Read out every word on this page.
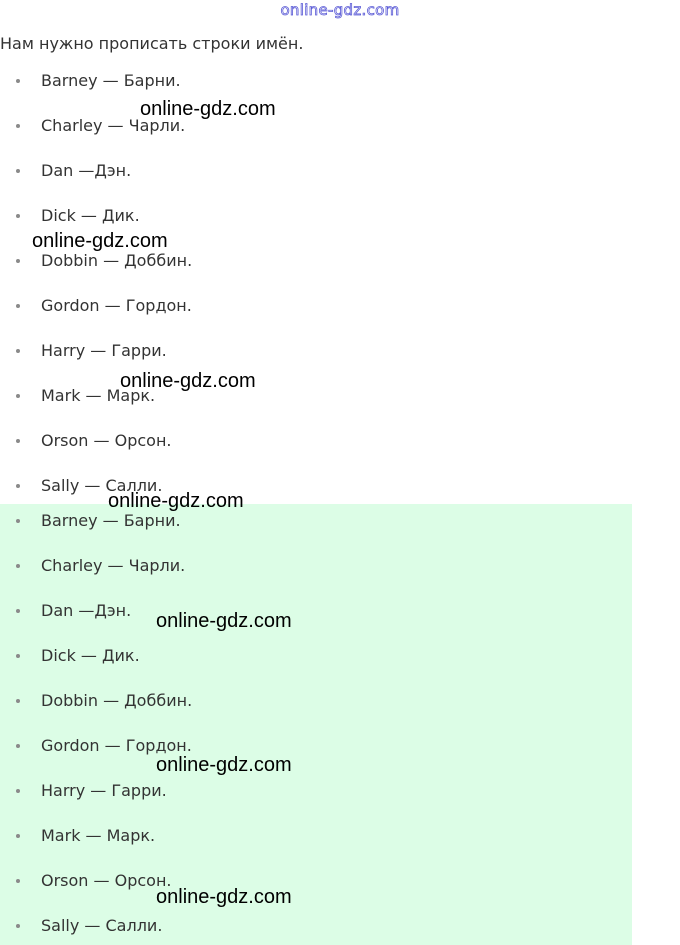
online-gdz.com
Нам нужно прописать строки имён.
Barney — Барни.
Charley — Чарли.
Dan —Дэн.
Dick — Дик.
Dobbin — Доббин.
Gordon — Гордон.
Harry — Гарри.
Mark — Марк.
Orson — Орсон.
Sally — Салли.
Barney — Барни.
Charley — Чарли.
Dan —Дэн.
Dick — Дик.
Dobbin — Доббин.
Gordon — Гордон.
Harry — Гарри.
Mark — Марк.
Orson — Орсон.
Sally — Салли.
online-gdz.com
online-gdz.com
online-gdz.com
online-gdz.com
online-gdz.com
online-gdz.com
online-gdz.com
